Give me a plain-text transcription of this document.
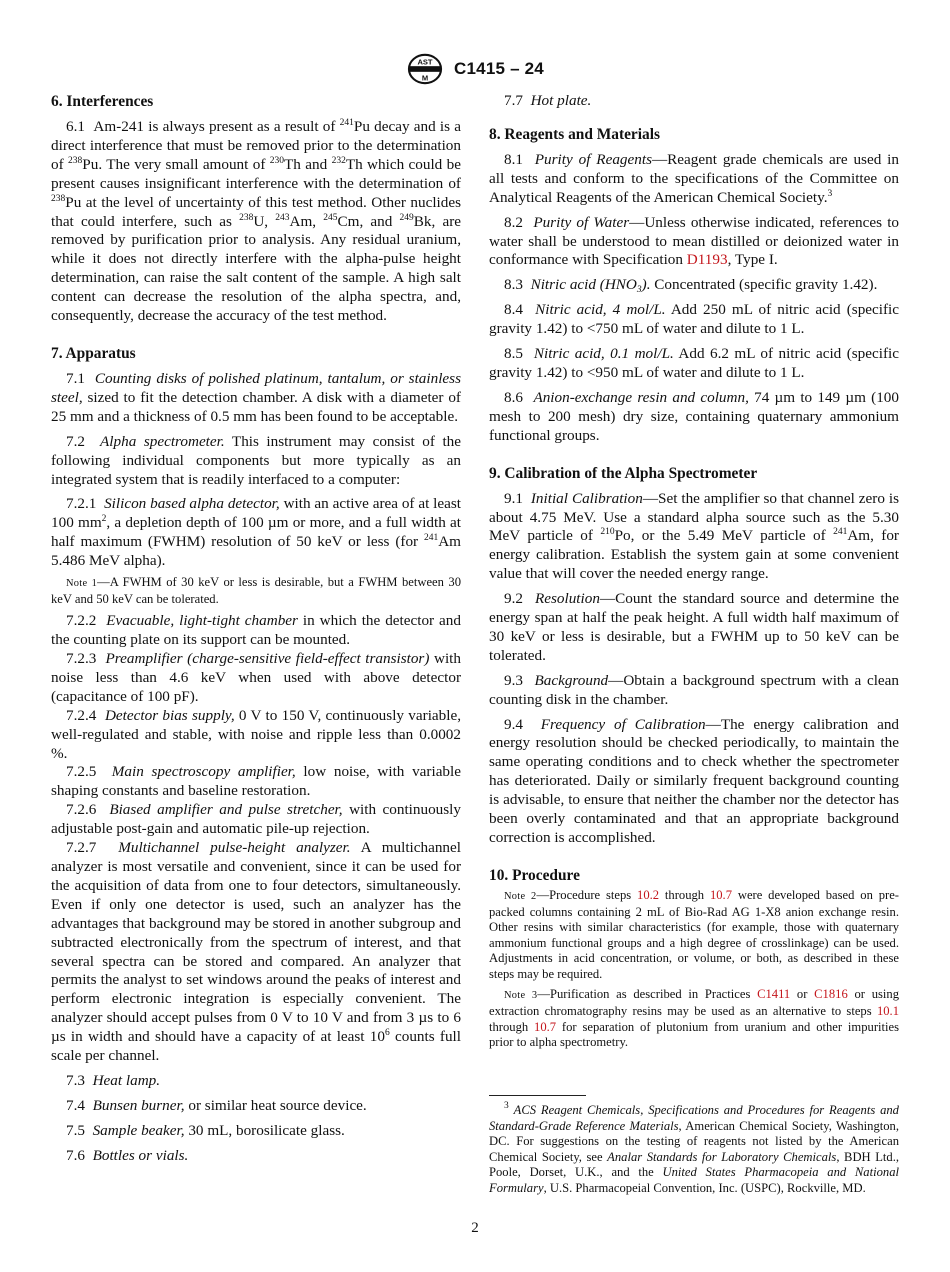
AST
M C1415 – 24
6. Interferences

6.1 Am-241 is always present as a result of $^{241}$Pu decay and is a direct interference that must be removed prior to the determination of $^{238}$Pu. The very small amount of $^{230}$Th and $^{232}$Th which could be present causes insignificant interference with the determination of $^{238}$Pu at the level of uncertainty of this test method. Other nuclides that could interfere, such as $^{238}$U, $^{243}$Am, $^{245}$Cm, and $^{249}$Bk, are removed by purification prior to analysis. Any residual uranium, while it does not directly interfere with the alpha-pulse height determination, can raise the salt content of the sample. A high salt content can decrease the resolution of the alpha spectra, and, consequently, decrease the accuracy of the test method.

7. Apparatus

7.1 Counting disks of polished platinum, tantalum, or stainless steel, sized to fit the detection chamber. A disk with a diameter of 25 mm and a thickness of 0.5 mm has been found to be acceptable.

7.2 Alpha spectrometer. This instrument may consist of the following individual components but more typically as an integrated system that is readily interfaced to a computer:

7.2.1 Silicon based alpha detector, with an active area of at least 100 $mm^2$, a depletion depth of 100 µm or more, and a full width at half maximum (FWHM) resolution of 50 keV or less (for $^{241}$Am 5.486 MeV alpha).

Note 1—A FWHM of 30 keV or less is desirable, but a FWHM between 30 keV and 50 keV can be tolerated.

7.2.2 Evacuable, light-tight chamber in which the detector and the counting plate on its support can be mounted.

7.2.3 Preamplifier (charge-sensitive field-effect transistor) with noise less than 4.6 keV when used with above detector (capacitance of 100 pF).

7.2.4 Detector bias supply, 0 V to 150 V, continuously variable, well-regulated and stable, with noise and ripple less than 0.0002 %.

7.2.5 Main spectroscopy amplifier, low noise, with variable shaping constants and baseline restoration.

7.2.6 Biased amplifier and pulse stretcher, with continuously adjustable post-gain and automatic pile-up rejection.

7.2.7 Multichannel pulse-height analyzer. A multichannel analyzer is most versatile and convenient, since it can be used for the acquisition of data from one to four detectors, simultaneously. Even if only one detector is used, such an analyzer has the advantages that background may be stored in another subgroup and subtracted electronically from the spectrum of interest, and that several spectra can be stored and compared. An analyzer that permits the analyst to set windows around the peaks of interest and perform electronic integration is especially convenient. The analyzer should accept pulses from 0 V to 10 V and from 3 µs to 6 µs in width and should have a capacity of at least $10^6$ counts full scale per channel.

7.3 Heat lamp.

7.4 Bunsen burner, or similar heat source device.

7.5 Sample beaker, 30 mL, borosilicate glass.

7.6 Bottles or vials.

7.7 Hot plate.

8. Reagents and Materials

8.1 Purity of Reagents—Reagent grade chemicals are used in all tests and conform to the specifications of the Committee on Analytical Reagents of the American Chemical Society.$^3$

8.2 Purity of Water—Unless otherwise indicated, references to water shall be understood to mean distilled or deionized water in conformance with Specification D1193, Type I.

8.3 Nitric acid $(HNO_3)$. Concentrated (specific gravity 1.42).

8.4 Nitric acid, 4 mol/L. Add 250 mL of nitric acid (specific gravity 1.42) to <750 mL of water and dilute to 1 L.

8.5 Nitric acid, 0.1 mol/L. Add 6.2 mL of nitric acid (specific gravity 1.42) to <950 mL of water and dilute to 1 L.

8.6 Anion-exchange resin and column, 74 µm to 149 µm (100 mesh to 200 mesh) dry size, containing quaternary ammonium functional groups.

9. Calibration of the Alpha Spectrometer

9.1 Initial Calibration—Set the amplifier so that channel zero is about 4.75 MeV. Use a standard alpha source such as the 5.30 MeV particle of $^{210}$Po, or the 5.49 MeV particle of $^{241}$Am, for energy calibration. Establish the system gain at some convenient value that will cover the needed energy range.

9.2 Resolution—Count the standard source and determine the energy span at half the peak height. A full width half maximum of 30 keV or less is desirable, but a FWHM up to 50 keV can be tolerated.

9.3 Background—Obtain a background spectrum with a clean counting disk in the chamber.

9.4 Frequency of Calibration—The energy calibration and energy resolution should be checked periodically, to maintain the same operating conditions and to check whether the spectrometer has deteriorated. Daily or similarly frequent background counting is advisable, to ensure that neither the chamber nor the detector has been overly contaminated and that an appropriate background correction is accomplished.

10. Procedure

Note 2—Procedure steps 10.2 through 10.7 were developed based on pre-packed columns containing 2 mL of Bio-Rad AG 1-X8 anion exchange resin. Other resins with similar characteristics (for example, those with quaternary ammonium functional groups and a high degree of crosslinkage) can be used. Adjustments in acid concentration, or volume, or both, as described in these steps may be required.

Note 3—Purification as described in Practices C1411 or C1816 or using extraction chromatography resins may be used as an alternative to steps 10.1 through 10.7 for separation of plutonium from uranium and other impurities prior to alpha spectrometry.

$^3$ ACS Reagent Chemicals, Specifications and Procedures for Reagents and Standard-Grade Reference Materials, American Chemical Society, Washington, DC. For suggestions on the testing of reagents not listed by the American Chemical Society, see Analar Standards for Laboratory Chemicals, BDH Ltd., Poole, Dorset, U.K., and the United States Pharmacopeia and National Formulary, U.S. Pharmacopeial Convention, Inc. (USPC), Rockville, MD.
2
